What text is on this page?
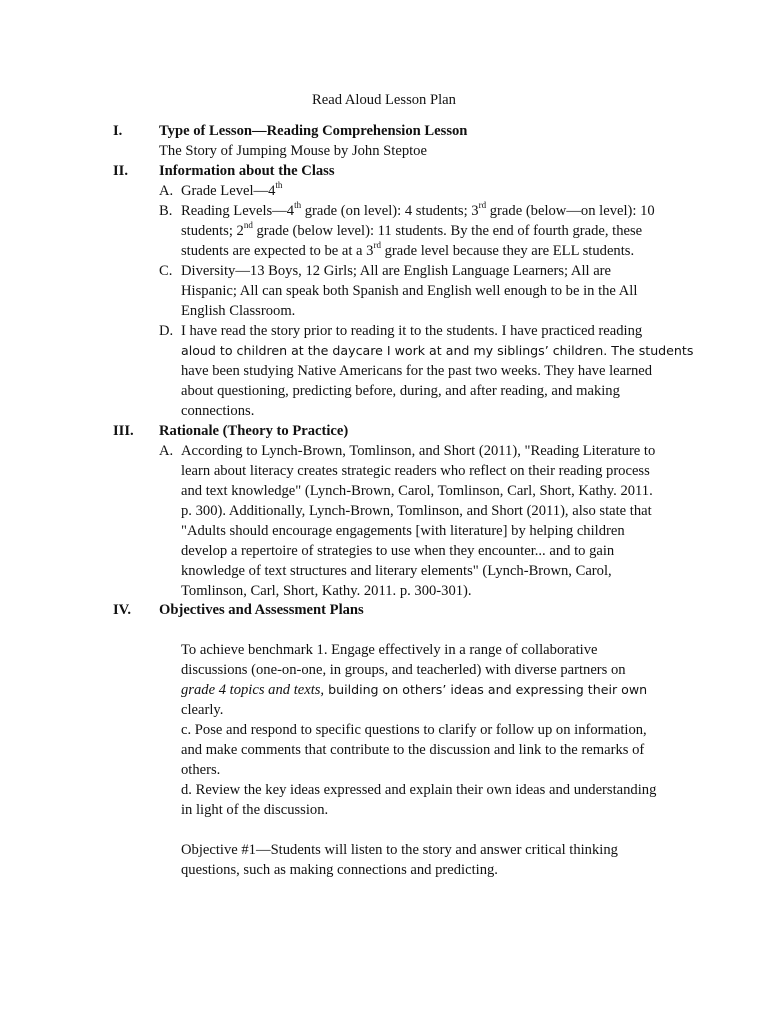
Read Aloud Lesson Plan
I.	Type of Lesson—Reading Comprehension Lesson
The Story of Jumping Mouse by John Steptoe
II. Information about the Class
A. Grade Level—4th
B. Reading Levels—4th grade (on level): 4 students; 3rd grade (below—on level): 10
students; 2nd grade (below level): 11 students. By the end of fourth grade, these
students are expected to be at a 3rd grade level because they are ELL students.
C. Diversity—13 Boys, 12 Girls; All are English Language Learners; All are
Hispanic; All can speak both Spanish and English well enough to be in the All
English Classroom.
D. I have read the story prior to reading it to the students. I have practiced reading
aloud to children at the daycare I work at and my siblings’ children. The students
have been studying Native Americans for the past two weeks. They have learned
about questioning, predicting before, during, and after reading, and making
connections.
III. Rationale (Theory to Practice)
A. According to Lynch-Brown, Tomlinson, and Short (2011), "Reading Literature to
learn about literacy creates strategic readers who reflect on their reading process
and text knowledge" (Lynch-Brown, Carol, Tomlinson, Carl, Short, Kathy. 2011.
p. 300). Additionally, Lynch-Brown, Tomlinson, and Short (2011), also state that
"Adults should encourage engagements [with literature] by helping children
develop a repertoire of strategies to use when they encounter... and to gain
knowledge of text structures and literary elements" (Lynch-Brown, Carol,
Tomlinson, Carl, Short, Kathy. 2011. p. 300-301).
IV. Objectives and Assessment Plans
To achieve benchmark 1. Engage effectively in a range of collaborative
discussions (one-on-one, in groups, and teacherled) with diverse partners on
grade 4 topics and texts, building on others’ ideas and expressing their own
clearly.
c. Pose and respond to specific questions to clarify or follow up on information,
and make comments that contribute to the discussion and link to the remarks of
others.
d. Review the key ideas expressed and explain their own ideas and understanding
in light of the discussion.
Objective #1—Students will listen to the story and answer critical thinking
questions, such as making connections and predicting.
